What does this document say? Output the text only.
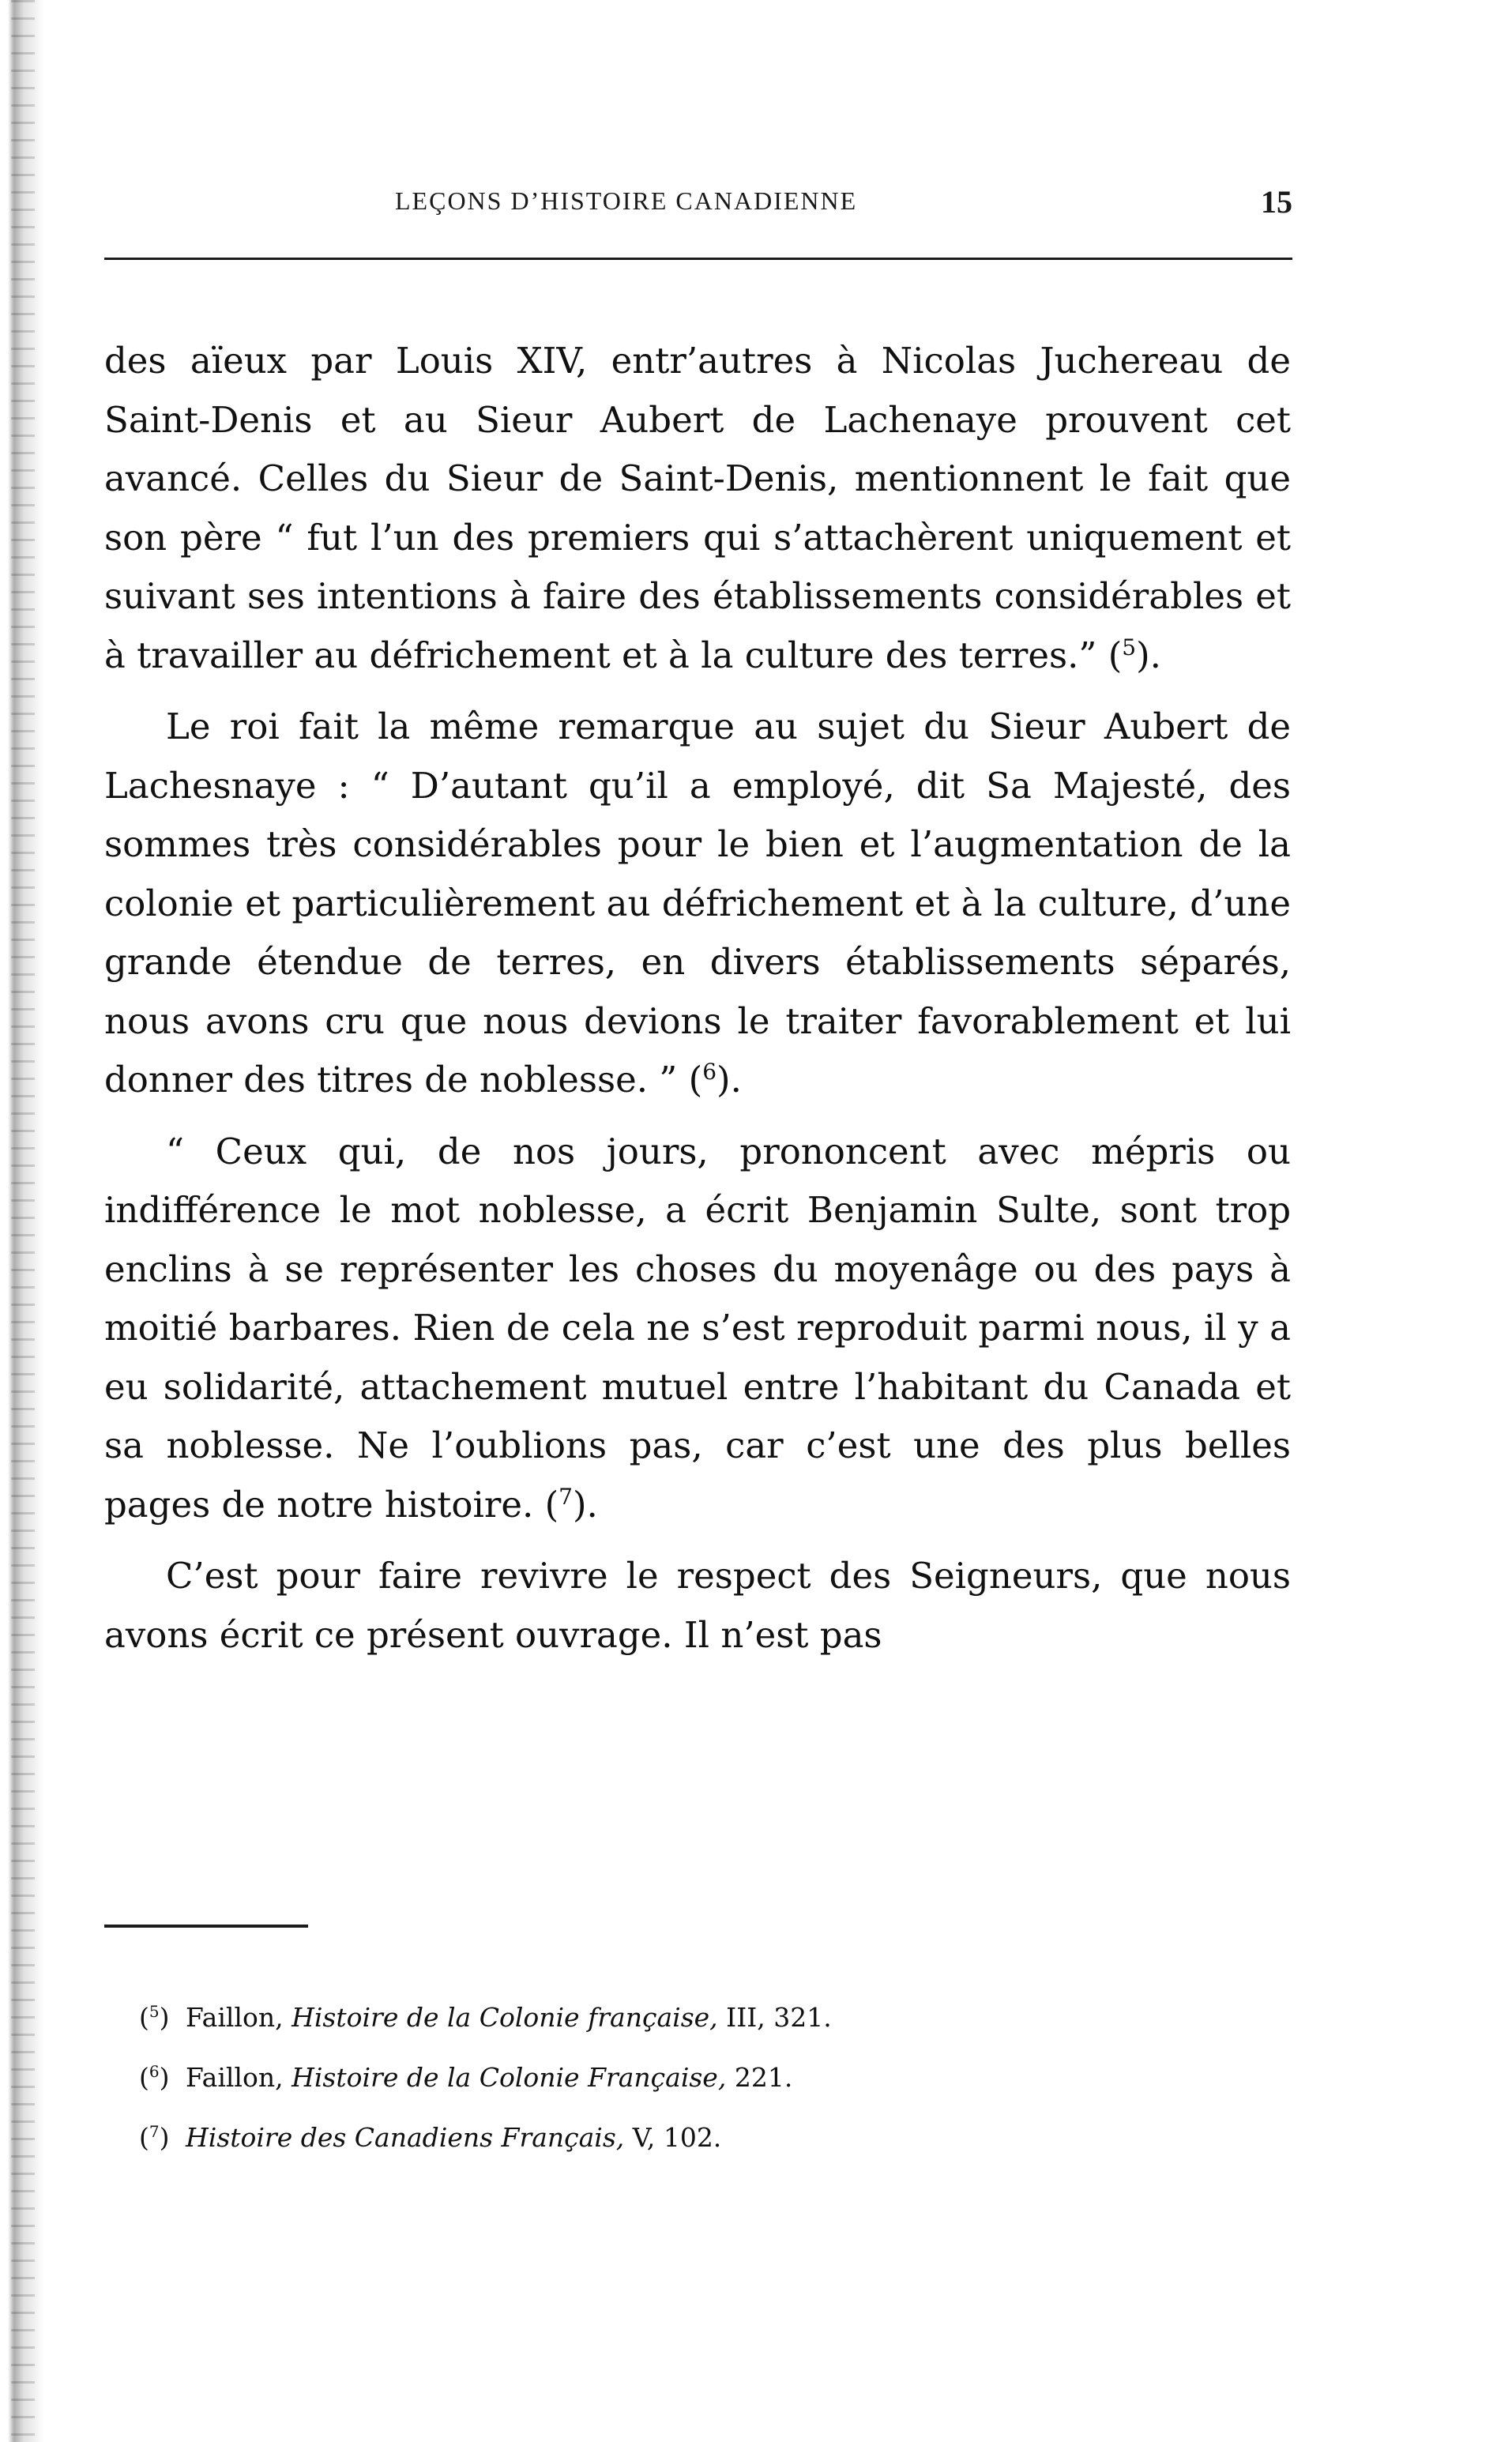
LEÇONS D’HISTOIRE CANADIENNE	15

des aïeux par Louis XIV, entr’autres à Nicolas Juchereau de Saint-Denis et au Sieur Aubert de Lachenaye prouvent cet avancé. Celles du Sieur de Saint-Denis, mentionnent le fait que son père “ fut l’un des premiers qui s’attachèrent uniquement et suivant ses intentions à faire des établissements considérables et à travailler au défrichement et à la culture des terres.” ($^5$).

Le roi fait la même remarque au sujet du Sieur Aubert de Lachesnaye : “ D’autant qu’il a employé, dit Sa Majesté, des sommes très considérables pour le bien et l’augmentation de la colonie et particulièrement au défrichement et à la culture, d’une grande étendue de terres, en divers établissements séparés, nous avons cru que nous devions le traiter favorablement et lui donner des titres de noblesse. ” ($^6$).

“ Ceux qui, de nos jours, prononcent avec mépris ou indifférence le mot noblesse, a écrit Benjamin Sulte, sont trop enclins à se représenter les choses du moyenâge ou des pays à moitié barbares. Rien de cela ne s’est reproduit parmi nous, il y a eu solidarité, attachement mutuel entre l’habitant du Canada et sa noblesse. Ne l’oublions pas, car c’est une des plus belles pages de notre histoire. ($^7$).

C’est pour faire revivre le respect des Seigneurs, que nous avons écrit ce présent ouvrage. Il n’est pas

($^5$) Faillon, Histoire de la Colonie française, III, 321.
($^6$) Faillon, Histoire de la Colonie Française, 221.
($^7$) Histoire des Canadiens Français, V, 102.
